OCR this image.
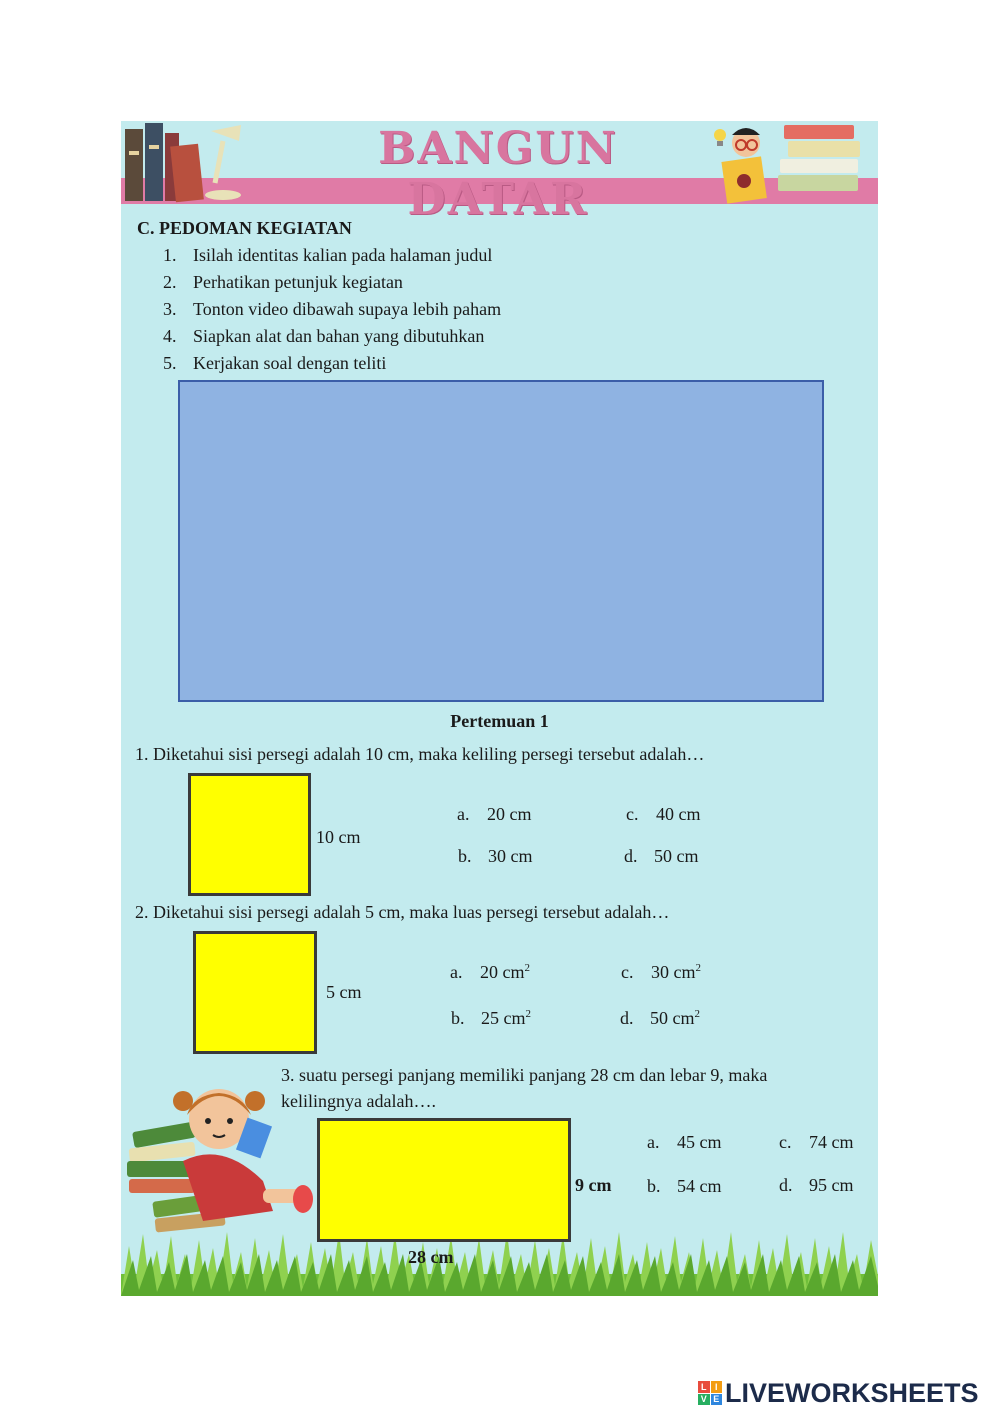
BANGUN DATAR
C. PEDOMAN KEGIATAN
1. Isilah identitas kalian pada halaman judul
2. Perhatikan petunjuk kegiatan
3. Tonton video dibawah supaya lebih paham
4. Siapkan alat dan bahan yang dibutuhkan
5. Kerjakan soal dengan teliti
Pertemuan 1
1. Diketahui sisi persegi adalah 10 cm, maka keliling persegi tersebut adalah…
10 cm
a. 20 cm
b. 30 cm
c. 40 cm
d. 50 cm
2. Diketahui sisi persegi adalah 5 cm, maka luas persegi tersebut adalah…
5 cm
a. 20 $cm^2$
b. 25 $cm^2$
c. 30 $cm^2$
d. 50 $cm^2$
3. suatu persegi panjang memiliki panjang 28 cm dan lebar 9, maka
kelilingnya adalah….
9 cm
28 cm
a. 45 cm
b. 54 cm
c. 74 cm
d. 95 cm
L I
V E LIVEWORKSHEETS
